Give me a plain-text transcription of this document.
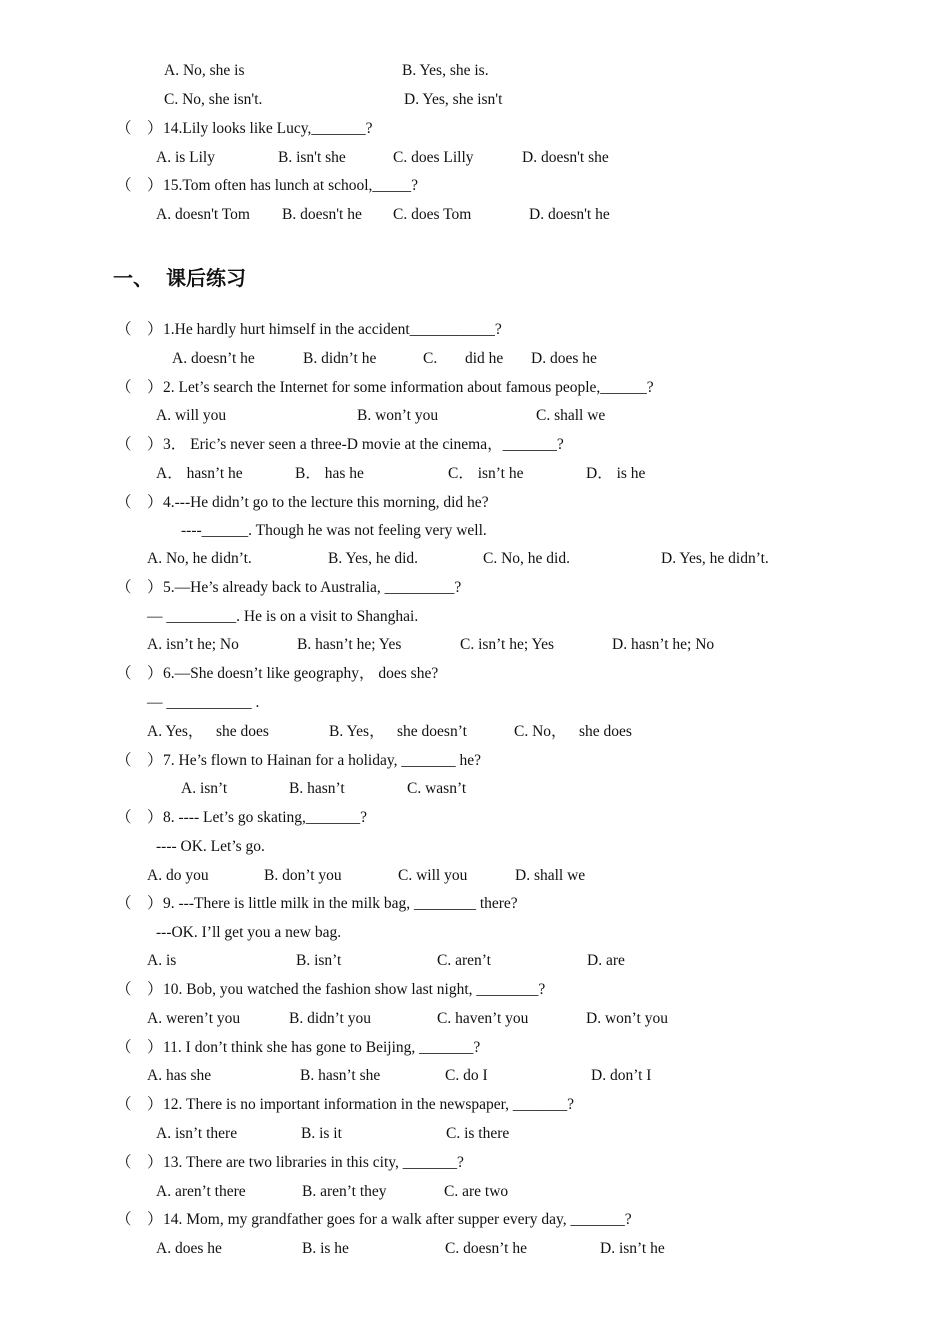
A. No, she is	B. Yes, she is.
C. No, she isn't.	D. Yes, she isn't
（　） 14.Lily looks like Lucy,_______?
A. is Lily	B. isn't she	C. does Lilly	D. doesn't she
（　） 15.Tom often has lunch at school,_____?
A. doesn't Tom B. doesn't he C. does Tom	D. doesn't he
一、 课后练习
（　） 1.He hardly hurt himself in the accident___________?
A. doesn’t he	B. didn’t he	C. did he D. does he
（　） 2. Let’s search the Internet for some information about famous people,______?
A. will you	B. won’t you	C. shall we
（　） 3． Eric’s never seen a three-D movie at the cinema，_______?
A． hasn’t he	B． has he	C． isn’t he	D． is he
（　） 4.---He didn’t go to the lecture this morning, did he?
----______. Though he was not feeling very well.
A. No, he didn’t.	B. Yes, he did.	C. No, he did.	D. Yes, he didn’t.
（　） 5.—He’s already back to Australia, _________?
— _________. He is on a visit to Shanghai.
A. isn’t he; No	B. hasn’t he; Yes	C. isn’t he; Yes	D. hasn’t he; No
（　） 6.—She doesn’t like geography， does she?
— ___________ .
A. Yes， she does	B. Yes， she doesn’t	C. No， she does
（　） 7. He’s flown to Hainan for a holiday, _______ he?
A. isn’t	B. hasn’t	C. wasn’t
（　） 8. ---- Let’s go skating,_______?
---- OK. Let’s go.
A. do you	B. don’t you	C. will you	D. shall we
（　） 9. ---There is little milk in the milk bag, ________ there?
---OK. I’ll get you a new bag.
A. is	B. isn’t	C. aren’t	D. are
（　） 10. Bob, you watched the fashion show last night, ________?
A. weren’t you	B. didn’t you	C. haven’t you	D. won’t you
（　） 11. I don’t think she has gone to Beijing, _______?
A. has she	B. hasn’t she	C. do I	D. don’t I
（　） 12. There is no important information in the newspaper, _______?
A. isn’t there	B. is it	C. is there
（　） 13. There are two libraries in this city, _______?
A. aren’t there	B. aren’t they	C. are two
（　） 14. Mom, my grandfather goes for a walk after supper every day, _______?
A. does he	B. is he	C. doesn’t he	D. isn’t he
